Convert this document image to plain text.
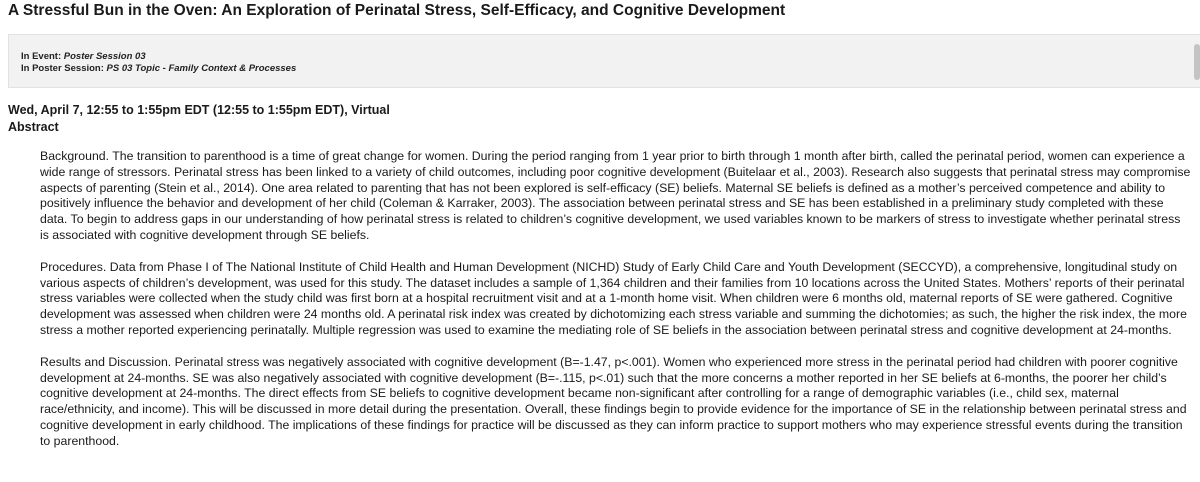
A Stressful Bun in the Oven: An Exploration of Perinatal Stress, Self-Efficacy, and Cognitive Development
In Event: Poster Session 03
In Poster Session: PS 03 Topic - Family Context & Processes
Wed, April 7, 12:55 to 1:55pm EDT (12:55 to 1:55pm EDT), Virtual
Abstract

Background. The transition to parenthood is a time of great change for women. During the period ranging from 1 year prior to birth through 1 month after birth, called the perinatal period, women can experience a wide range of stressors. Perinatal stress has been linked to a variety of child outcomes, including poor cognitive development (Buitelaar et al., 2003). Research also suggests that perinatal stress may compromise aspects of parenting (Stein et al., 2014). One area related to parenting that has not been explored is self-efficacy (SE) beliefs. Maternal SE beliefs is defined as a mother’s perceived competence and ability to positively influence the behavior and development of her child (Coleman & Karraker, 2003). The association between perinatal stress and SE has been established in a preliminary study completed with these data. To begin to address gaps in our understanding of how perinatal stress is related to children’s cognitive development, we used variables known to be markers of stress to investigate whether perinatal stress is associated with cognitive development through SE beliefs.

Procedures. Data from Phase I of The National Institute of Child Health and Human Development (NICHD) Study of Early Child Care and Youth Development (SECCYD), a comprehensive, longitudinal study on various aspects of children’s development, was used for this study. The dataset includes a sample of 1,364 children and their families from 10 locations across the United States. Mothers’ reports of their perinatal stress variables were collected when the study child was first born at a hospital recruitment visit and at a 1-month home visit. When children were 6 months old, maternal reports of SE were gathered. Cognitive development was assessed when children were 24 months old. A perinatal risk index was created by dichotomizing each stress variable and summing the dichotomies; as such, the higher the risk index, the more stress a mother reported experiencing perinatally. Multiple regression was used to examine the mediating role of SE beliefs in the association between perinatal stress and cognitive development at 24-months.

Results and Discussion. Perinatal stress was negatively associated with cognitive development (B=-1.47, p<.001). Women who experienced more stress in the perinatal period had children with poorer cognitive development at 24-months. SE was also negatively associated with cognitive development (B=-.115, p<.01) such that the more concerns a mother reported in her SE beliefs at 6-months, the poorer her child’s cognitive development at 24-months. The direct effects from SE beliefs to cognitive development became non-significant after controlling for a range of demographic variables (i.e., child sex, maternal race/ethnicity, and income). This will be discussed in more detail during the presentation. Overall, these findings begin to provide evidence for the importance of SE in the relationship between perinatal stress and cognitive development in early childhood. The implications of these findings for practice will be discussed as they can inform practice to support mothers who may experience stressful events during the transition to parenthood.
